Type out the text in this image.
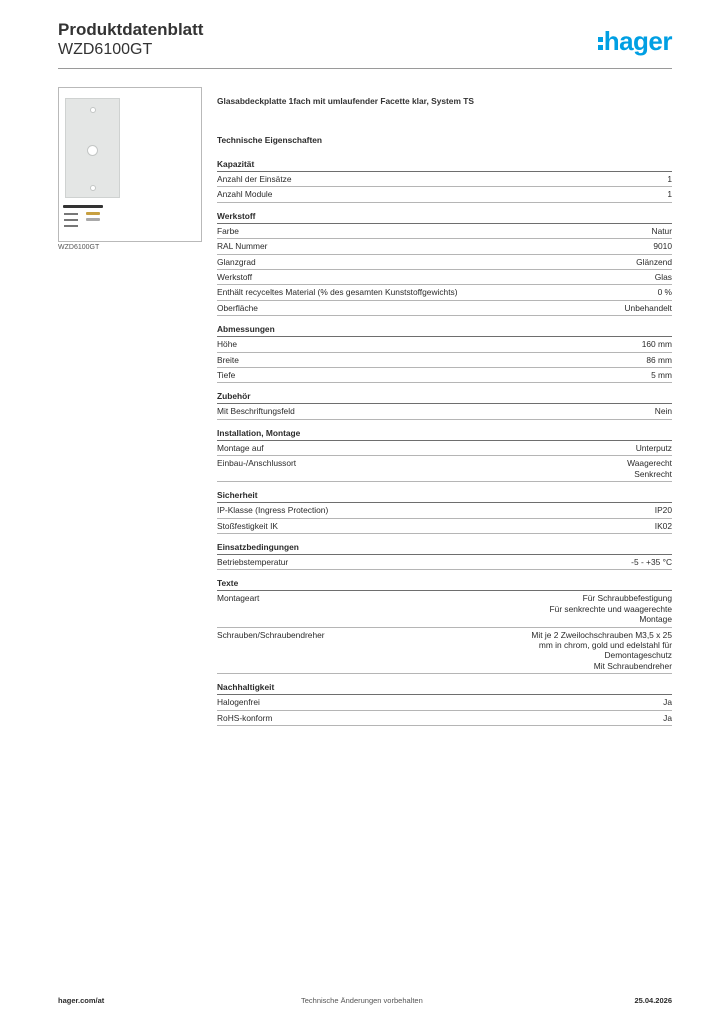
Produktdatenblatt
WZD6100GT	hager
WZD6100GT
Glasabdeckplatte 1fach mit umlaufender Facette klar, System TS
Technische Eigenschaften
Kapazität
Anzahl der Einsätze	1
Anzahl Module	1
Werkstoff
Farbe	Natur
RAL Nummer	9010
Glanzgrad	Glänzend
Werkstoff	Glas
Enthält recyceltes Material (% des gesamten Kunststoffgewichts)	0 %
Oberfläche	Unbehandelt
Abmessungen
Höhe	160 mm
Breite	86 mm
Tiefe	5 mm
Zubehör
Mit Beschriftungsfeld	Nein
Installation, Montage
Montage auf	Unterputz
Einbau-/Anschlussort	Waagerecht
Senkrecht
Sicherheit
IP-Klasse (Ingress Protection)	IP20
Stoßfestigkeit IK	IK02
Einsatzbedingungen
Betriebstemperatur	-5 - +35 °C
Texte
Montageart	Für Schraubbefestigung
Für senkrechte und waagerechte
Montage
Schrauben/Schraubendreher	Mit je 2 Zweilochschrauben M3,5 x 25
mm in chrom, gold und edelstahl für
Demontageschutz
Mit Schraubendreher
Nachhaltigkeit
Halogenfrei	Ja
RoHS-konform	Ja
hager.com/at	Technische Änderungen vorbehalten	25.04.2026
